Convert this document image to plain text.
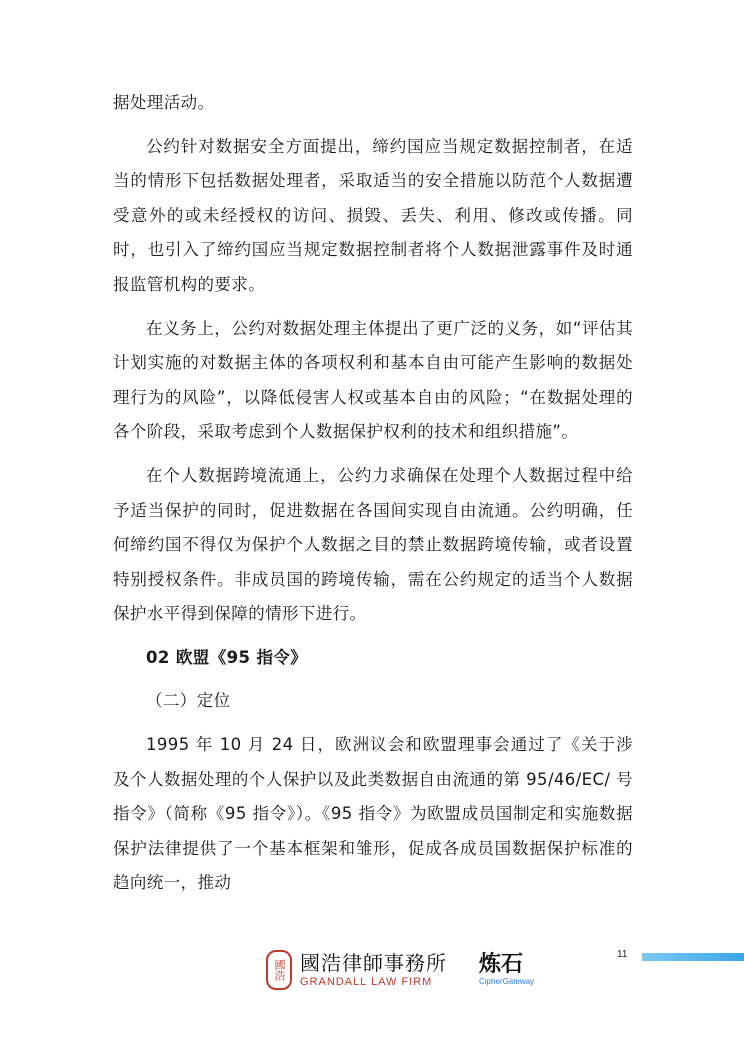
据处理活动。

公约针对数据安全方面提出，缔约国应当规定数据控制者，在适当的情形下包括数据处理者，采取适当的安全措施以防范个人数据遭受意外的或未经授权的访问、损毁、丢失、利用、修改或传播。同时，也引入了缔约国应当规定数据控制者将个人数据泄露事件及时通报监管机构的要求。

在义务上，公约对数据处理主体提出了更广泛的义务，如“评估其计划实施的对数据主体的各项权利和基本自由可能产生影响的数据处理行为的风险”，以降低侵害人权或基本自由的风险；“在数据处理的各个阶段，采取考虑到个人数据保护权利的技术和组织措施”。

在个人数据跨境流通上，公约力求确保在处理个人数据过程中给予适当保护的同时，促进数据在各国间实现自由流通。公约明确，任何缔约国不得仅为保护个人数据之目的禁止数据跨境传输，或者设置特别授权条件。非成员国的跨境传输，需在公约规定的适当个人数据保护水平得到保障的情形下进行。

02 欧盟《95 指令》

（二）定位

1995 年 10 月 24 日，欧洲议会和欧盟理事会通过了《关于涉及个人数据处理的个人保护以及此类数据自由流通的第 95/46/EC/ 号指令》（简称《95 指令》）。《95 指令》为欧盟成员国制定和实施数据保护法律提供了一个基本框架和雏形，促成各成员国数据保护标准的趋向统一，推动

國浩 國浩律師事務所
GRANDALL LAW FIRM
炼石
CipherGateway
11
